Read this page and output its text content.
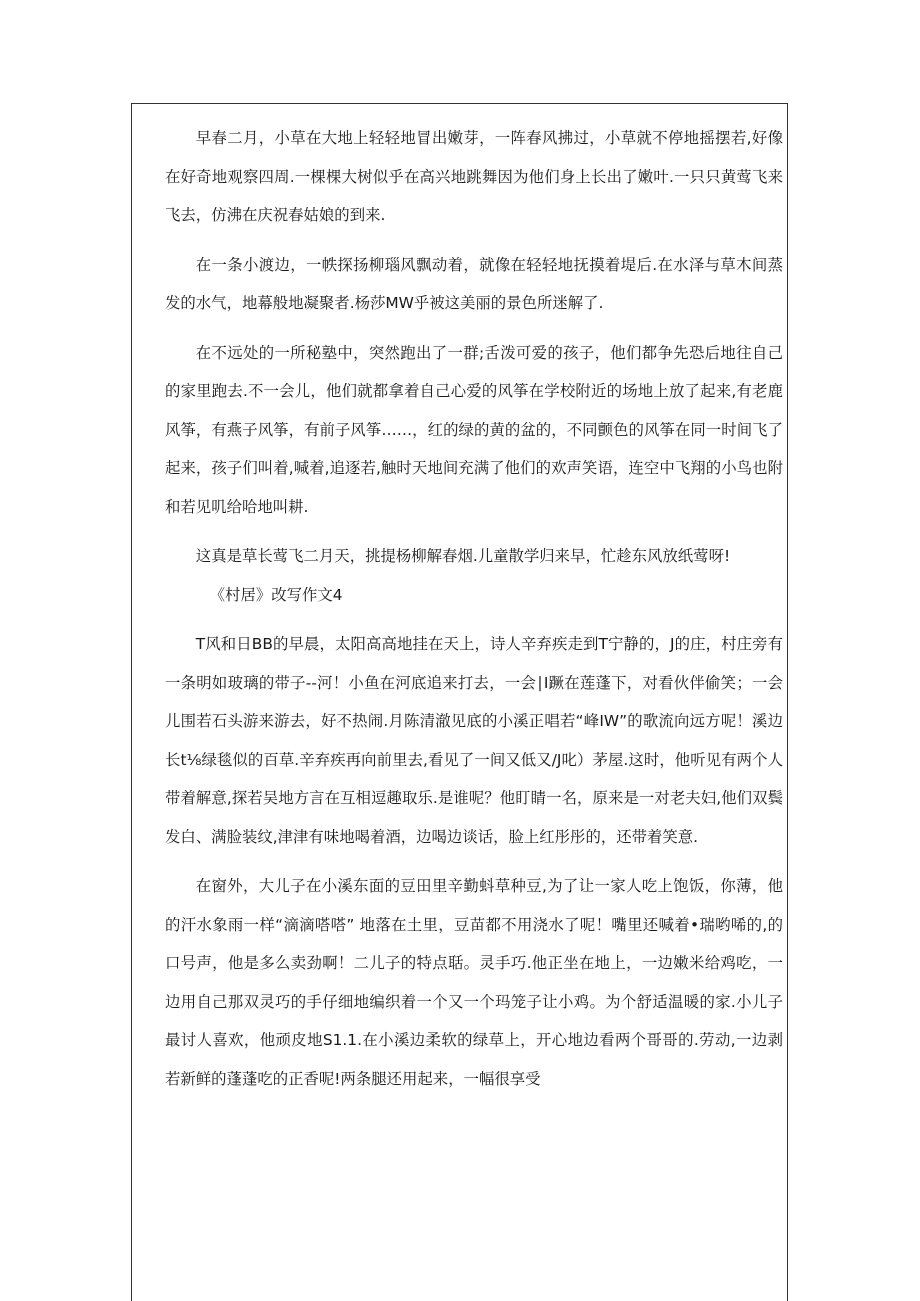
早春二月，小草在大地上轻轻地冒出嫩芽，一阵春风拂过，小草就不停地摇摆若,好像在好奇地观察四周.一棵棵大树似乎在高兴地跳舞因为他们身上长出了嫩叶.一只只黄莺飞来飞去，仿沸在庆祝春姑娘的到来.

在一条小渡边，一帙探扬柳瑙风飘动着，就像在轻轻地抚摸着堤后.在水泽与草木间蒸发的水气，地幕般地凝聚者.杨莎MW乎被这美丽的景色所迷解了.

在不远处的一所秘塾中，突然跑出了一群;舌泼可爱的孩子，他们都争先恐后地往自己的家里跑去.不一会儿，他们就都拿着自己心爱的风筝在学校附近的场地上放了起来,有老鹿风筝，有燕子风筝，有前子风筝……，红的绿的黄的盆的，不同颤色的风筝在同一时间飞了起来，孩子们叫着,喊着,追逐若,触时天地间充满了他们的欢声笑语，连空中飞翔的小鸟也附和若见叽给哈地叫耕.

这真是草长莺飞二月天，挑提杨柳解春烟.儿童散学归来早，忙趁东风放纸莺呀!

《村居》改写作文4

T风和日BB的早晨，太阳高高地挂在天上，诗人辛弃疾走到T宁静的，J的庄，村庄旁有一条明如玻璃的带子--河！小鱼在河底追来打去，一会∣I蹶在莲蓬下，对看伙伴偷笑；一会儿围若石头游来游去，好不热闹.月陈清澈见底的小溪正唱若“峰IW”的歌流向远方呢！溪边长t⅛绿毯似的百草.辛弃疾再向前里去,看见了一间又低又/J叱）茅屋.这时，他听见有两个人带着解意,探若吴地方言在互相逗趣取乐.是谁呢？他盯睛一名，原来是一对老夫妇,他们双鬓发白、满脸装纹,津津有味地喝着酒，边喝边谈话，脸上红彤彤的，还带着笑意.

在窗外，大儿子在小溪东面的豆田里辛勤蚪草种豆,为了让一家人吃上饱饭，你薄，他的汗水象雨一样“滴滴嗒嗒” 地落在土里，豆苗都不用浇水了呢！嘴里还喊着•瑞哟唏的,的口号声，他是多么卖劲啊！二儿子的特点聒。灵手巧.他正坐在地上，一边嫩米给鸡吃，一边用自己那双灵巧的手仔细地编织着一个又一个玛笼子让小鸡。为个舒适温暖的家.小儿子最讨人喜欢，他顽皮地S1.1.在小溪边柔软的绿草上，开心地边看两个哥哥的.劳动,一边剥若新鲜的蓬蓬吃的正香呢!两条腿还用起来，一幅很享受
